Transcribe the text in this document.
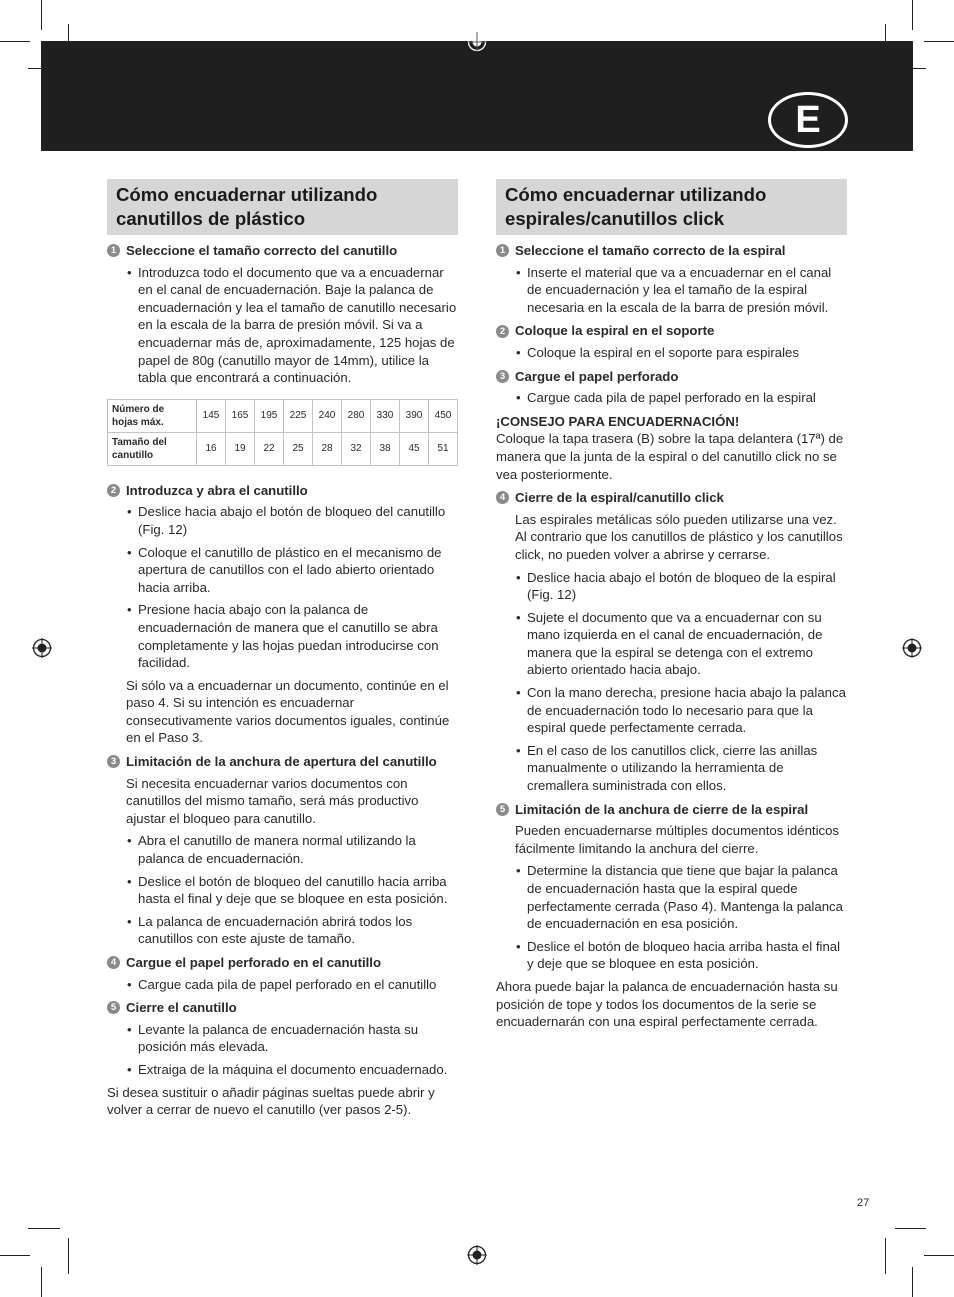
E
Cómo encuadernar utilizando
canutillos de plástico
1 Seleccione el tamaño correcto del canutillo
• Introduzca todo el documento que va a encuadernar en el canal de encuadernación. Baje la palanca de encuadernación y lea el tamaño de canutillo necesario en la escala de la barra de presión móvil. Si va a encuadernar más de, aproximadamente, 125 hojas de papel de 80g (canutillo mayor de 14mm), utilice la tabla que encontrará a continuación.
Número de
hojas máx.	145	165	195	225	240	280	330	390	450

Tamaño del
canutillo	16	19	22	25	28	32	38	45	51
2 Introduzca y abra el canutillo
• Deslice hacia abajo el botón de bloqueo del canutillo (Fig. 12)
• Coloque el canutillo de plástico en el mecanismo de apertura de canutillos con el lado abierto orientado hacia arriba.
• Presione hacia abajo con la palanca de encuadernación de manera que el canutillo se abra completamente y las hojas puedan introducirse con facilidad.
Si sólo va a encuadernar un documento, continúe en el paso 4. Si su intención es encuadernar consecutivamente varios documentos iguales, continúe en el Paso 3.
3 Limitación de la anchura de apertura del canutillo
Si necesita encuadernar varios documentos con canutillos del mismo tamaño, será más productivo ajustar el bloqueo para canutillo.
• Abra el canutillo de manera normal utilizando la palanca de encuadernación.
• Deslice el botón de bloqueo del canutillo hacia arriba hasta el final y deje que se bloquee en esta posición.
• La palanca de encuadernación abrirá todos los canutillos con este ajuste de tamaño.
4 Cargue el papel perforado en el canutillo
• Cargue cada pila de papel perforado en el canutillo
5 Cierre el canutillo
• Levante la palanca de encuadernación hasta su posición más elevada.
• Extraiga de la máquina el documento encuadernado.
Si desea sustituir o añadir páginas sueltas puede abrir y volver a cerrar de nuevo el canutillo (ver pasos 2-5).
Cómo encuadernar utilizando
espirales/canutillos click
1 Seleccione el tamaño correcto de la espiral
• Inserte el material que va a encuadernar en el canal de encuadernación y lea el tamaño de la espiral necesaria en la escala de la barra de presión móvil.
2 Coloque la espiral en el soporte
• Coloque la espiral en el soporte para espirales
3 Cargue el papel perforado
• Cargue cada pila de papel perforado en la espiral
¡CONSEJO PARA ENCUADERNACIÓN!
Coloque la tapa trasera (B) sobre la tapa delantera (17ª) de manera que la junta de la espiral o del canutillo click no se vea posteriormente.
4 Cierre de la espiral/canutillo click
Las espirales metálicas sólo pueden utilizarse una vez. Al contrario que los canutillos de plástico y los canutillos click, no pueden volver a abrirse y cerrarse.
• Deslice hacia abajo el botón de bloqueo de la espiral (Fig. 12)
• Sujete el documento que va a encuadernar con su mano izquierda en el canal de encuadernación, de manera que la espiral se detenga con el extremo abierto orientado hacia abajo.
• Con la mano derecha, presione hacia abajo la palanca de encuadernación todo lo necesario para que la espiral quede perfectamente cerrada.
• En el caso de los canutillos click, cierre las anillas manualmente o utilizando la herramienta de cremallera suministrada con ellos.
5 Limitación de la anchura de cierre de la espiral
Pueden encuadernarse múltiples documentos idénticos fácilmente limitando la anchura del cierre.
• Determine la distancia que tiene que bajar la palanca de encuadernación hasta que la espiral quede perfectamente cerrada (Paso 4). Mantenga la palanca de encuadernación en esa posición.
• Deslice el botón de bloqueo hacia arriba hasta el final y deje que se bloquee en esta posición.
Ahora puede bajar la palanca de encuadernación hasta su posición de tope y todos los documentos de la serie se encuadernarán con una espiral perfectamente cerrada.
27
